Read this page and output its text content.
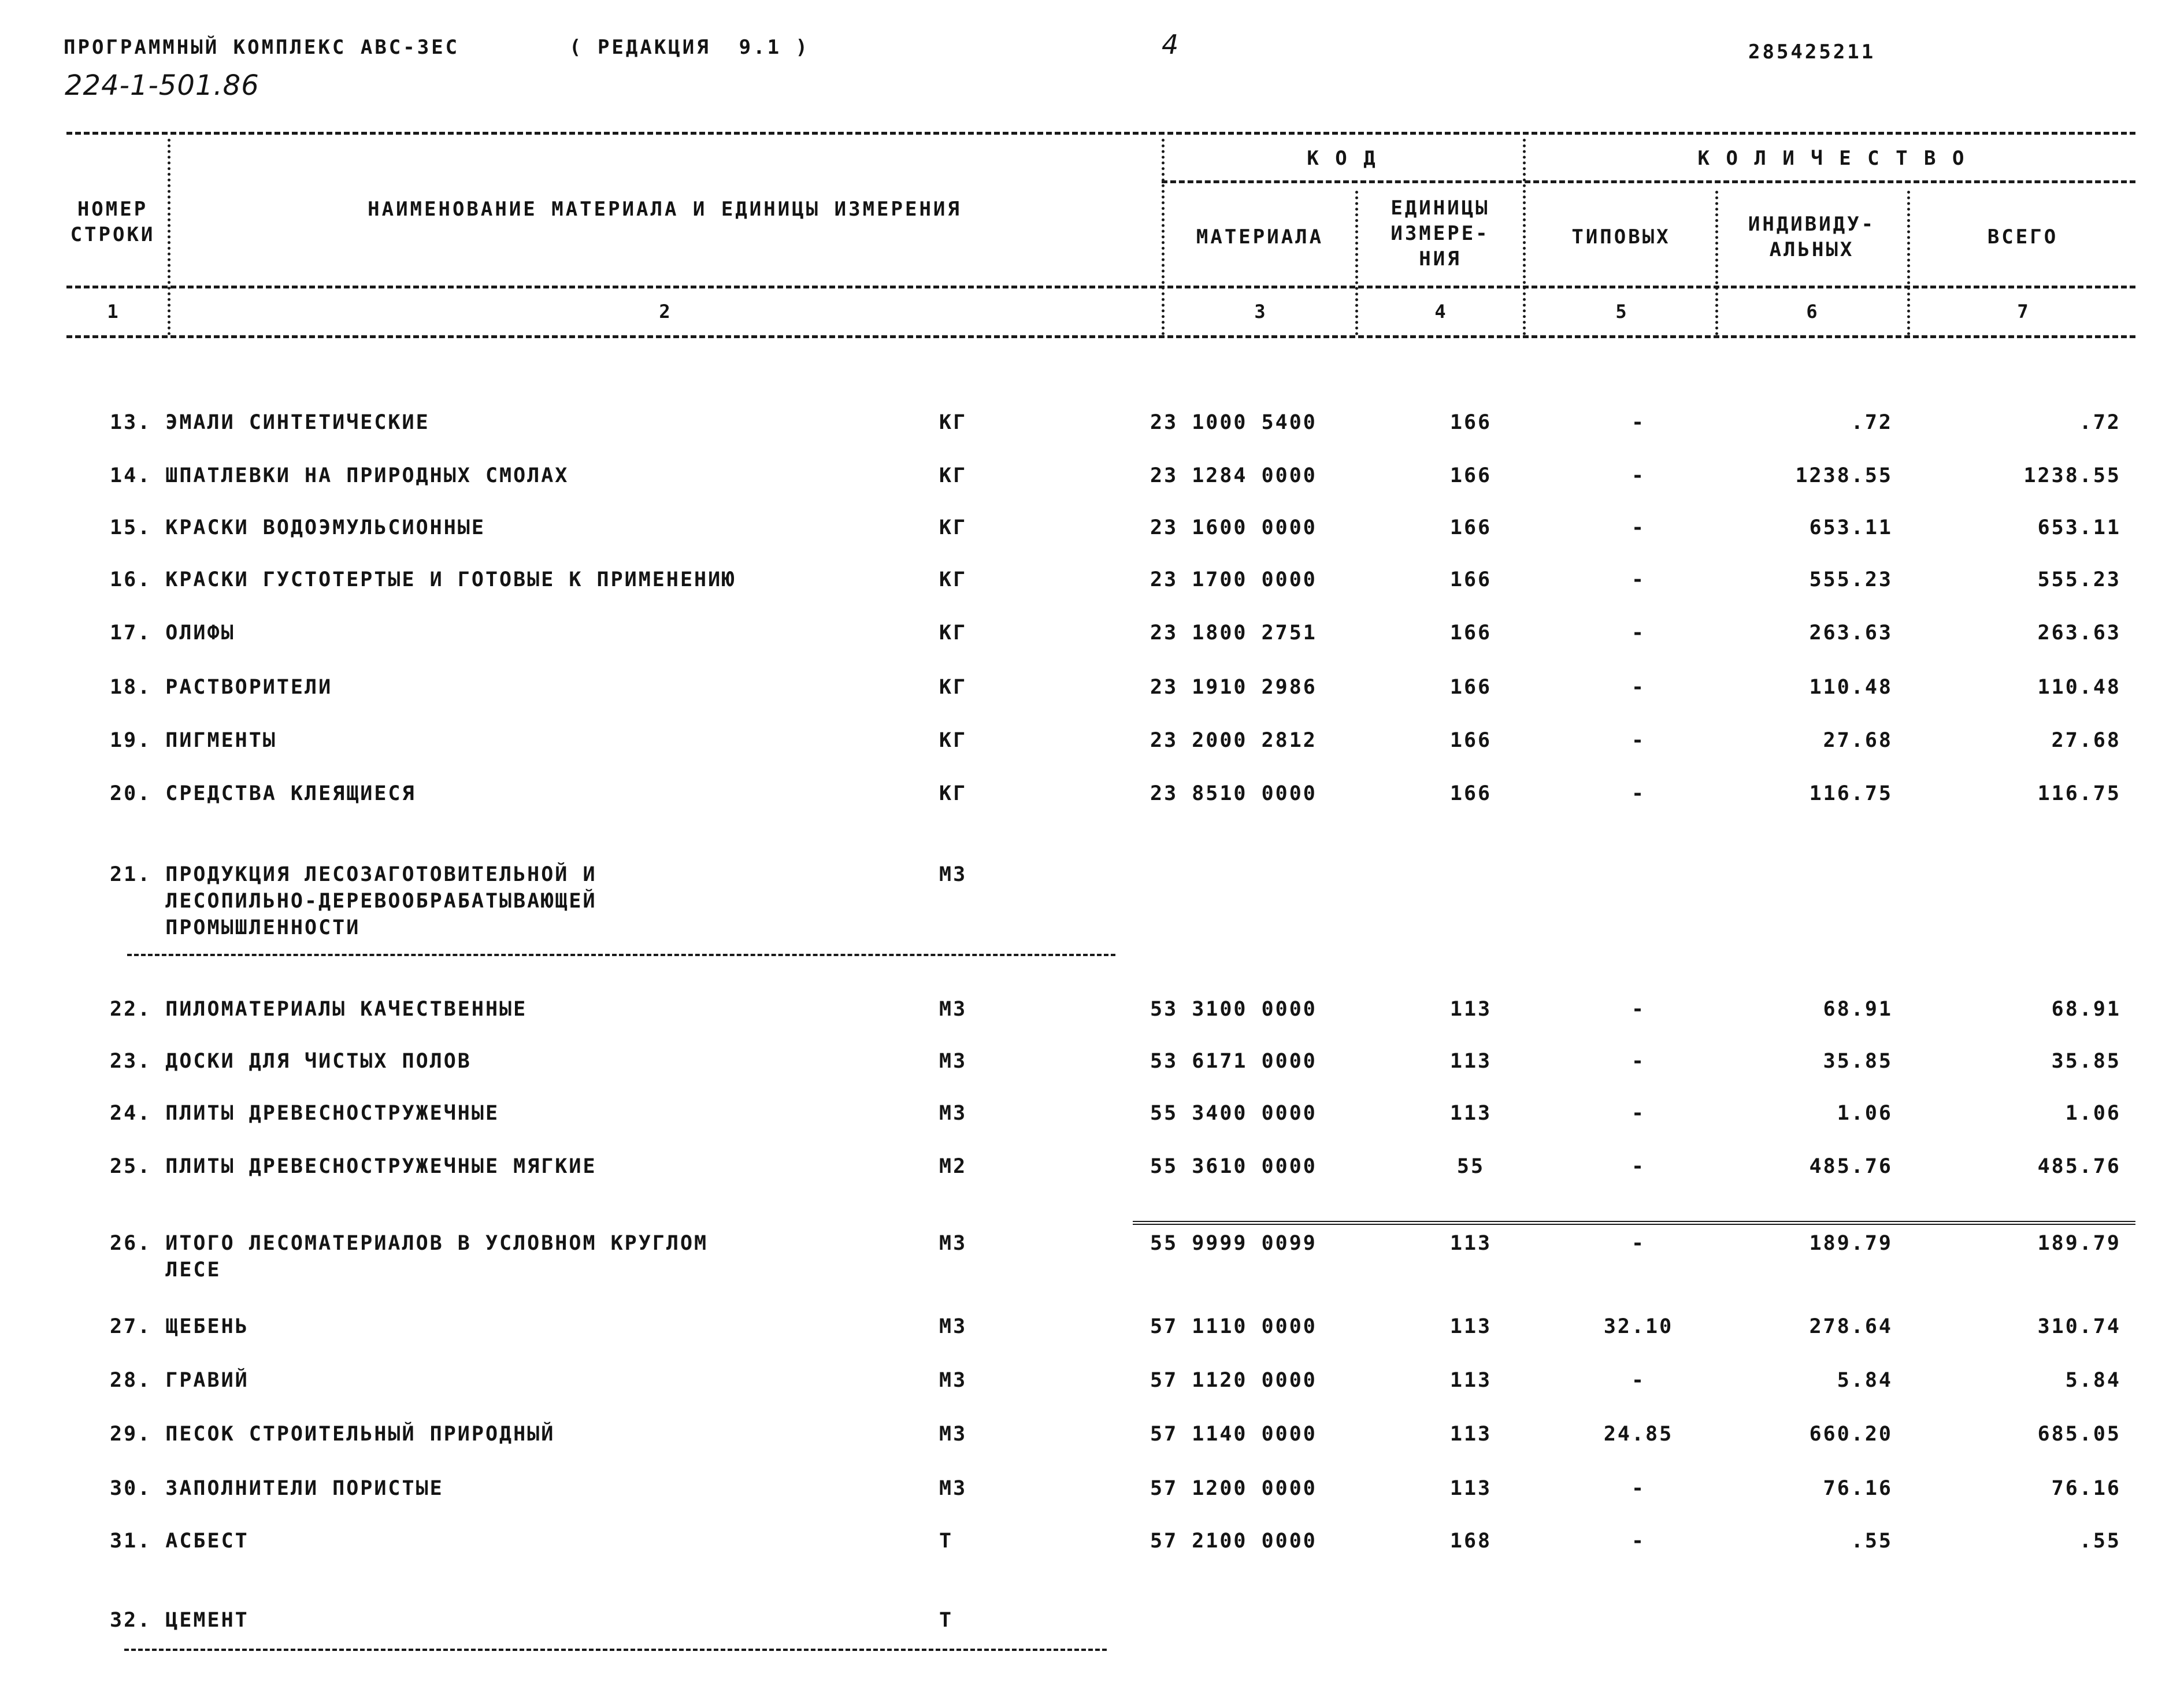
ПРОГРАММНЫЙ КОМПЛЕКС АВС-ЗЕС	( РЕДАКЦИЯ  9.1 )	4	285425211
224-1-501.86
НОМЕР
СТРОКИ
НАИМЕНОВАНИЕ МАТЕРИАЛА И ЕДИНИЦЫ ИЗМЕРЕНИЯ
К О Д
МАТЕРИАЛА
ЕДИНИЦЫ
ИЗМЕРЕ-
НИЯ
К О Л И Ч Е С Т В О
ТИПОВЫХ
ИНДИВИДУ-
АЛЬНЫХ
ВСЕГО
1	2	3	4	5	6	7
13. ЭМАЛИ СИНТЕТИЧЕСКИЕ	КГ	23 1000 5400	166	-	.72	.72
14. ШПАТЛЕВКИ НА ПРИРОДНЫХ СМОЛАХ	КГ	23 1284 0000	166	-	1238.55	1238.55
15. КРАСКИ ВОДОЭМУЛЬСИОННЫЕ	КГ	23 1600 0000	166	-	653.11	653.11
16. КРАСКИ ГУСТОТЕРТЫЕ И ГОТОВЫЕ К ПРИМЕНЕНИЮ	КГ	23 1700 0000	166	-	555.23	555.23
17. ОЛИФЫ	КГ	23 1800 2751	166	-	263.63	263.63
18. РАСТВОРИТЕЛИ	КГ	23 1910 2986	166	-	110.48	110.48
19. ПИГМЕНТЫ	КГ	23 2000 2812	166	-	27.68	27.68
20. СРЕДСТВА КЛЕЯЩИЕСЯ	КГ	23 8510 0000	166	-	116.75	116.75
21. ПРОДУКЦИЯ ЛЕСОЗАГОТОВИТЕЛЬНОЙ И
ЛЕСОПИЛЬНО-ДЕРЕВООБРАБАТЫВАЮЩЕЙ
ПРОМЫШЛЕННОСТИ
М3
22. ПИЛОМАТЕРИАЛЫ КАЧЕСТВЕННЫЕ	М3	53 3100 0000	113	-	68.91	68.91
23. ДОСКИ ДЛЯ ЧИСТЫХ ПОЛОВ	М3	53 6171 0000	113	-	35.85	35.85
24. ПЛИТЫ ДРЕВЕСНОСТРУЖЕЧНЫЕ	М3	55 3400 0000	113	-	1.06	1.06
25. ПЛИТЫ ДРЕВЕСНОСТРУЖЕЧНЫЕ МЯГКИЕ	М2	55 3610 0000	55	-	485.76	485.76
26. ИТОГО ЛЕСОМАТЕРИАЛОВ В УСЛОВНОМ КРУГЛОМ
ЛЕСЕ
М3	55 9999 0099	113	-	189.79	189.79
27. ЩЕБЕНЬ	М3	57 1110 0000	113	32.10	278.64	310.74
28. ГРАВИЙ	М3	57 1120 0000	113	-	5.84	5.84
29. ПЕСОК СТРОИТЕЛЬНЫЙ ПРИРОДНЫЙ	М3	57 1140 0000	113	24.85	660.20	685.05
30. ЗАПОЛНИТЕЛИ ПОРИСТЫЕ	М3	57 1200 0000	113	-	76.16	76.16
31. АСБЕСТ	Т	57 2100 0000	168	-	.55	.55
32. ЦЕМЕНТ	Т
